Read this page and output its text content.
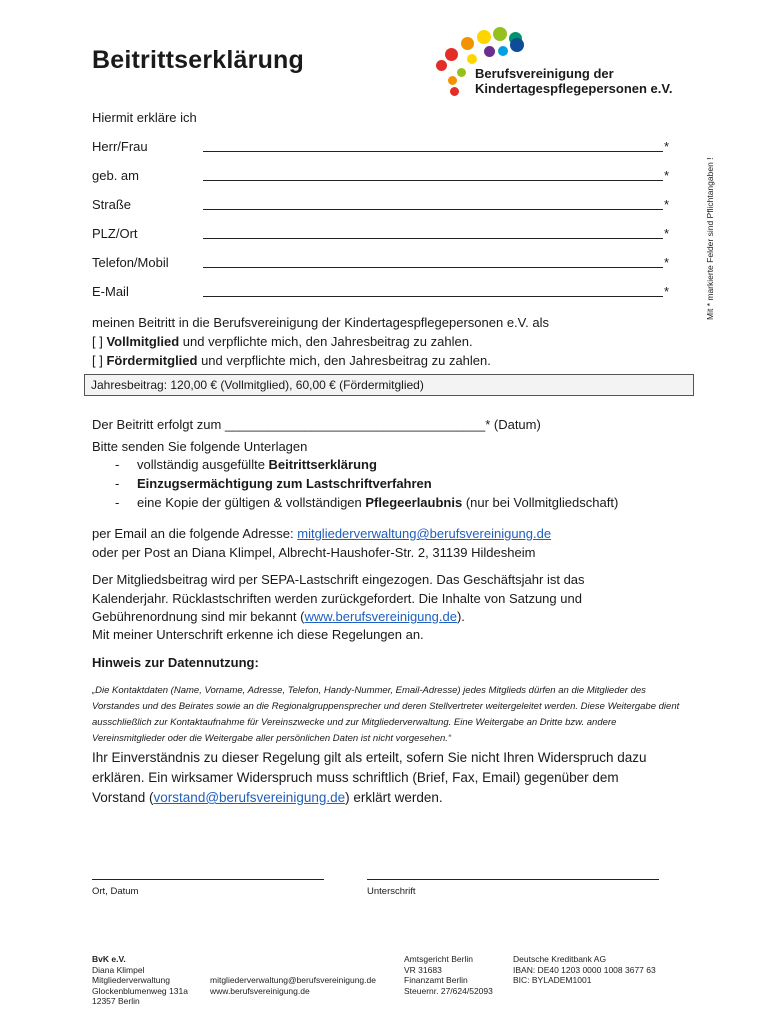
Beitrittserklärung	Berufsvereinigung der
Kindertagespflegepersonen e.V.
Mit * markierte Felder sind Pflichtangaben !
Hiermit erkläre ich
Herr/Frau	*
geb. am	*
Straße	*
PLZ/Ort	*
Telefon/Mobil	*
E-Mail	*
meinen Beitritt in die Berufsvereinigung der Kindertagespflegepersonen e.V. als
[ ] Vollmitglied und verpflichte mich, den Jahresbeitrag zu zahlen.
[ ] Fördermitglied und verpflichte mich, den Jahresbeitrag zu zahlen.
Jahresbeitrag: 120,00 € (Vollmitglied), 60,00 € (Fördermitglied)
Der Beitritt erfolgt zum ____________________________________* (Datum)
Bitte senden Sie folgende Unterlagen
- vollständig ausgefüllte Beitrittserklärung
- Einzugsermächtigung zum Lastschriftverfahren
- eine Kopie der gültigen & vollständigen Pflegeerlaubnis (nur bei Vollmitgliedschaft)
per Email an die folgende Adresse: mitgliederverwaltung@berufsvereinigung.de
oder per Post an Diana Klimpel, Albrecht-Haushofer-Str. 2, 31139 Hildesheim
Der Mitgliedsbeitrag wird per SEPA-Lastschrift eingezogen. Das Geschäftsjahr ist das
Kalenderjahr. Rücklastschriften werden zurückgefordert. Die Inhalte von Satzung und
Gebührenordnung sind mir bekannt (www.berufsvereinigung.de).
Mit meiner Unterschrift erkenne ich diese Regelungen an.
Hinweis zur Datennutzung:
„Die Kontaktdaten (Name, Vorname, Adresse, Telefon, Handy-Nummer, Email-Adresse) jedes Mitglieds dürfen an die Mitglieder des Vorstandes und des Beirates sowie an die Regionalgruppensprecher und deren Stellvertreter weitergeleitet werden. Diese Weitergabe dient ausschließlich zur Kontaktaufnahme für Vereinszwecke und zur Mitgliederverwaltung. Eine Weitergabe an Dritte bzw. andere Vereinsmitglieder oder die Weitergabe aller persönlichen Daten ist nicht vorgesehen.“
Ihr Einverständnis zu dieser Regelung gilt als erteilt, sofern Sie nicht Ihren Widerspruch dazu
erklären. Ein wirksamer Widerspruch muss schriftlich (Brief, Fax, Email) gegenüber dem
Vorstand (vorstand@berufsvereinigung.de) erklärt werden.
Ort, Datum	Unterschrift
BvK e.V.
Diana Klimpel
Mitgliederverwaltung
Glockenblumenweg 131a
12357 Berlin
mitgliederverwaltung@berufsvereinigung.de
www.berufsvereinigung.de
Amtsgericht Berlin
VR 31683
Finanzamt Berlin
Steuernr. 27/624/52093
Deutsche Kreditbank AG
IBAN: DE40 1203 0000 1008 3677 63
BIC: BYLADEM1001
